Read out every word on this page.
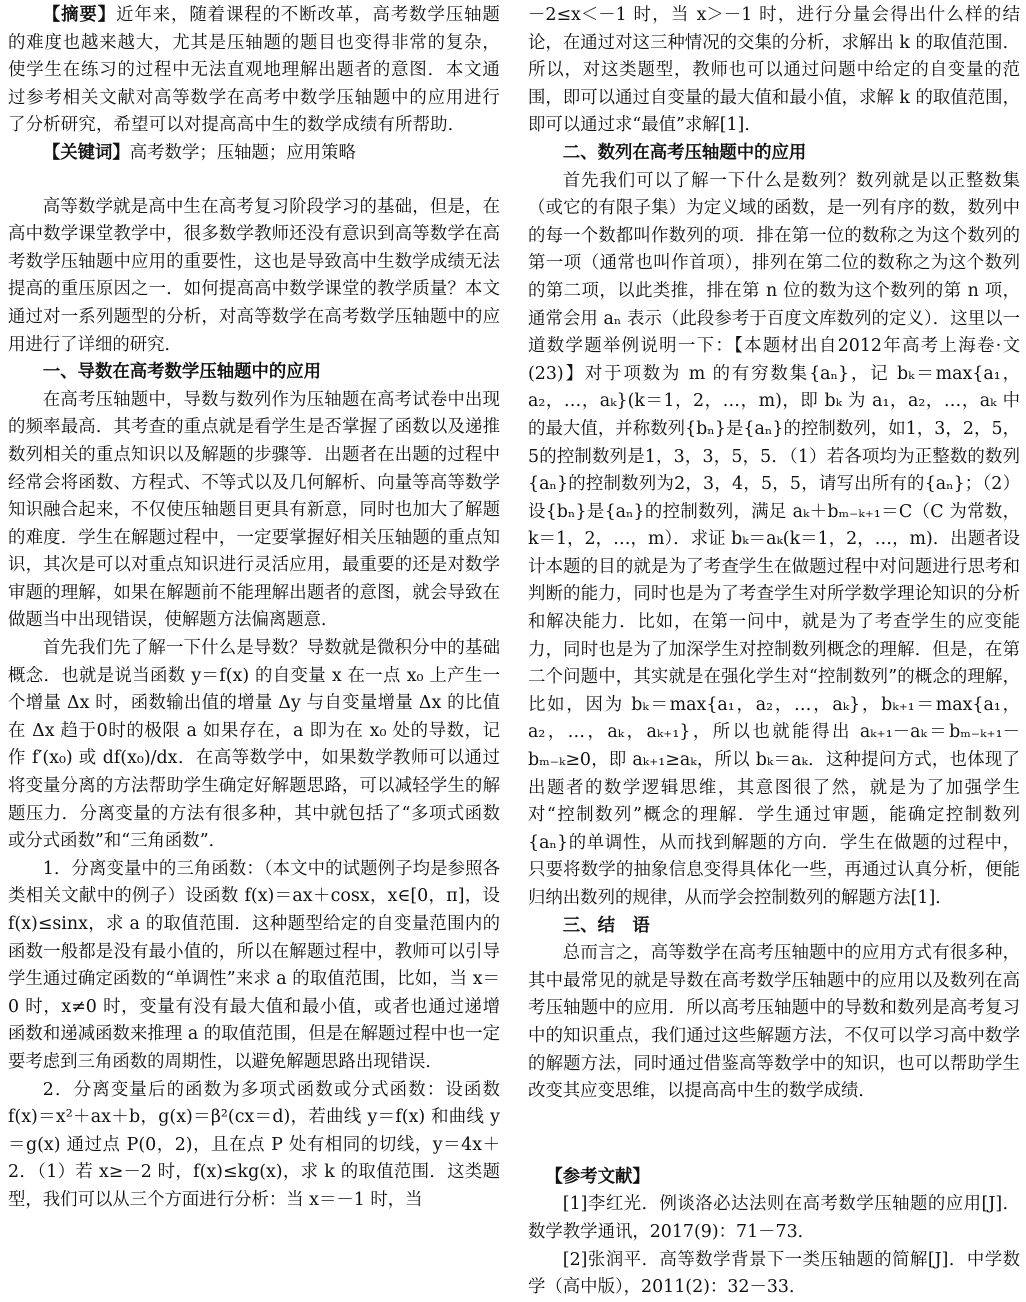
【摘要】近年来，随着课程的不断改革，高考数学压轴题的难度也越来越大，尤其是压轴题的题目也变得非常的复杂，使学生在练习的过程中无法直观地理解出题者的意图．本文通过参考相关文献对高等数学在高考中数学压轴题中的应用进行了分析研究，希望可以对提高高中生的数学成绩有所帮助．

【关键词】高考数学；压轴题；应用策略

高等数学就是高中生在高考复习阶段学习的基础，但是，在高中数学课堂教学中，很多数学教师还没有意识到高等数学在高考数学压轴题中应用的重要性，这也是导致高中生数学成绩无法提高的重压原因之一．如何提高高中数学课堂的教学质量？本文通过对一系列题型的分析，对高等数学在高考数学压轴题中的应用进行了详细的研究．

一、导数在高考数学压轴题中的应用

在高考压轴题中，导数与数列作为压轴题在高考试卷中出现的频率最高．其考查的重点就是看学生是否掌握了函数以及递推数列相关的重点知识以及解题的步骤等．出题者在出题的过程中经常会将函数、方程式、不等式以及几何解析、向量等高等数学知识融合起来，不仅使压轴题目更具有新意，同时也加大了解题的难度．学生在解题过程中，一定要掌握好相关压轴题的重点知识，其次是可以对重点知识进行灵活应用，最重要的还是对数学审题的理解，如果在解题前不能理解出题者的意图，就会导致在做题当中出现错误，使解题方法偏离题意．

首先我们先了解一下什么是导数？导数就是微积分中的基础概念．也就是说当函数 y＝f(x) 的自变量 x 在一点 x₀ 上产生一个增量 Δx 时，函数输出值的增量 Δy 与自变量增量 Δx 的比值在 Δx 趋于0时的极限 a 如果存在，a 即为在 x₀ 处的导数，记作 f′(x₀) 或 df(x₀)/dx．在高等数学中，如果数学教师可以通过将变量分离的方法帮助学生确定好解题思路，可以减轻学生的解题压力．分离变量的方法有很多种，其中就包括了“多项式函数或分式函数”和“三角函数”．

1．分离变量中的三角函数：（本文中的试题例子均是参照各类相关文献中的例子）设函数 f(x)＝ax＋cosx，x∈[0，π]，设 f(x)≤sinx，求 a 的取值范围．这种题型给定的自变量范围内的函数一般都是没有最小值的，所以在解题过程中，教师可以引导学生通过确定函数的“单调性”来求 a 的取值范围，比如，当 x＝0 时，x≠0 时，变量有没有最大值和最小值，或者也通过递增函数和递减函数来推理 a 的取值范围，但是在解题过程中也一定要考虑到三角函数的周期性，以避免解题思路出现错误．

2．分离变量后的函数为多项式函数或分式函数：设函数 f(x)＝x²＋ax＋b，g(x)＝β²(cx＝d)，若曲线 y＝f(x) 和曲线 y＝g(x) 通过点 P(0，2)，且在点 P 处有相同的切线，y＝4x＋2．（1）若 x≥－2 时，f(x)≤kg(x)，求 k 的取值范围．这类题型，我们可以从三个方面进行分析：当 x＝－1 时，当

－2≤x＜－1 时，当 x＞－1 时，进行分量会得出什么样的结论，在通过对这三种情况的交集的分析，求解出 k 的取值范围．所以，对这类题型，教师也可以通过问题中给定的自变量的范围，即可以通过自变量的最大值和最小值，求解 k 的取值范围，即可以通过求“最值”求解[1]．

二、数列在高考压轴题中的应用

首先我们可以了解一下什么是数列？数列就是以正整数集（或它的有限子集）为定义域的函数，是一列有序的数，数列中的每一个数都叫作数列的项．排在第一位的数称之为这个数列的第一项（通常也叫作首项），排列在第二位的数称之为这个数列的第二项，以此类推，排在第 n 位的数为这个数列的第 n 项，通常会用 aₙ 表示（此段参考于百度文库数列的定义）．这里以一道数学题举例说明一下：【本题材出自2012年高考上海卷·文(23)】对于项数为 m 的有穷数集{aₙ}，记 bₖ＝max{a₁，a₂，…，aₖ}(k＝1，2，…，m)，即 bₖ 为 a₁，a₂，…，aₖ 中的最大值，并称数列{bₙ}是{aₙ}的控制数列，如1，3，2，5，5的控制数列是1，3，3，5，5．（1）若各项均为正整数的数列{aₙ}的控制数列为2，3，4，5，5，请写出所有的{aₙ}；（2）设{bₙ}是{aₙ}的控制数列，满足 aₖ＋bₘ₋ₖ₊₁＝C（C 为常数，k＝1，2，…，m）．求证 bₖ＝aₖ(k＝1，2，…，m)．出题者设计本题的目的就是为了考查学生在做题过程中对问题进行思考和判断的能力，同时也是为了考查学生对所学数学理论知识的分析和解决能力．比如，在第一问中，就是为了考查学生的应变能力，同时也是为了加深学生对控制数列概念的理解．但是，在第二个问题中，其实就是在强化学生对“控制数列”的概念的理解，比如，因为 bₖ＝max{a₁，a₂，…，aₖ}，bₖ₊₁＝max{a₁，a₂，…，aₖ，aₖ₊₁}，所以也就能得出 aₖ₊₁－aₖ＝bₘ₋ₖ₊₁－bₘ₋ₖ≥0，即 aₖ₊₁≥aₖ，所以 bₖ＝aₖ．这种提问方式，也体现了出题者的数学逻辑思维，其意图很了然，就是为了加强学生对“控制数列”概念的理解．学生通过审题，能确定控制数列{aₙ}的单调性，从而找到解题的方向．学生在做题的过程中，只要将数学的抽象信息变得具体化一些，再通过认真分析，便能归纳出数列的规律，从而学会控制数列的解题方法[1]．

三、结　语

总而言之，高等数学在高考压轴题中的应用方式有很多种，其中最常见的就是导数在高考数学压轴题中的应用以及数列在高考压轴题中的应用．所以高考压轴题中的导数和数列是高考复习中的知识重点，我们通过这些解题方法，不仅可以学习高中数学的解题方法，同时通过借鉴高等数学中的知识，也可以帮助学生改变其应变思维，以提高高中生的数学成绩．

【参考文献】

[1]李红光．例谈洛必达法则在高考数学压轴题的应用[J]．数学教学通讯，2017(9)：71－73．

[2]张润平．高等数学背景下一类压轴题的简解[J]．中学数学（高中版），2011(2)：32－33．
